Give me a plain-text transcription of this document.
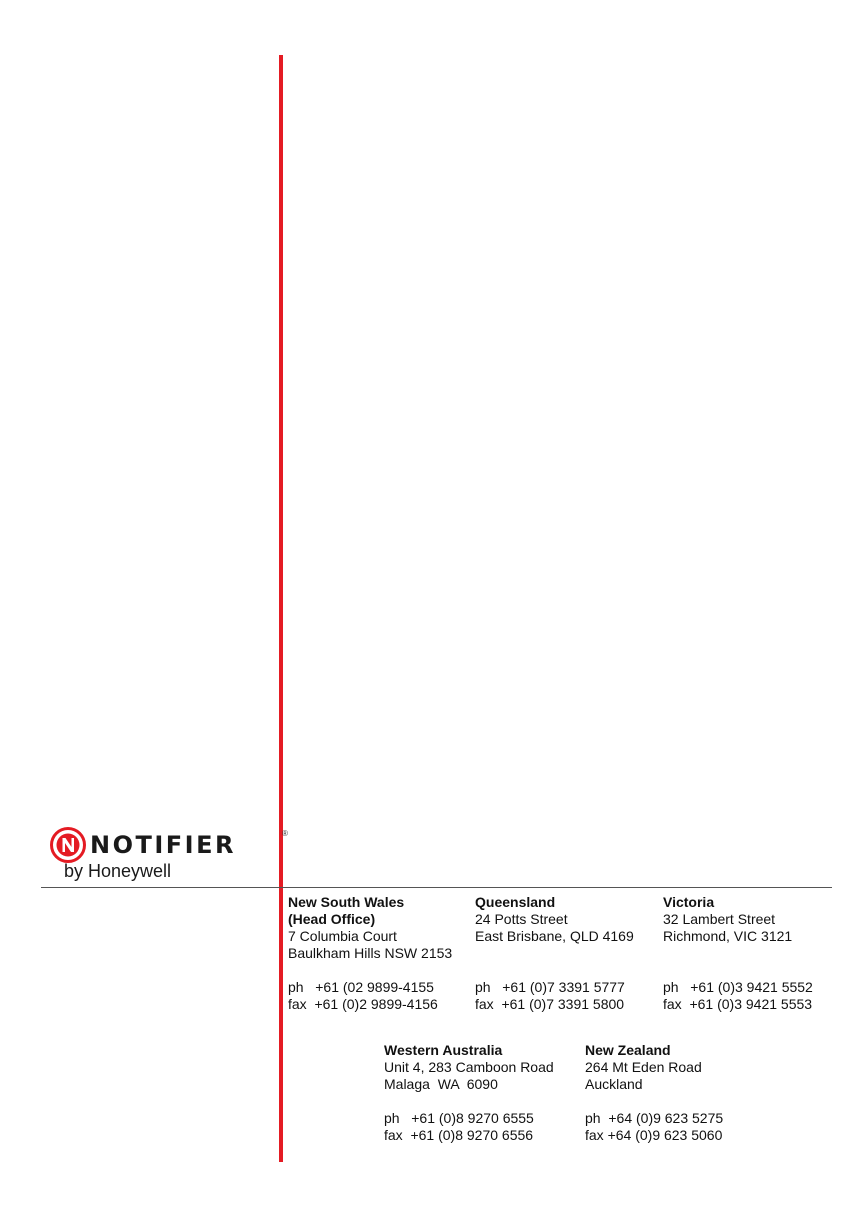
NOTIFIER	®
by Honeywell
New South Wales
(Head Office)
7 Columbia Court
Baulkham Hills NSW 2153
ph   +61 (02 9899-4155
fax  +61 (0)2 9899-4156
Queensland
24 Potts Street
East Brisbane, QLD 4169
ph   +61 (0)7 3391 5777
fax  +61 (0)7 3391 5800
Victoria
32 Lambert Street
Richmond, VIC 3121
ph   +61 (0)3 9421 5552
fax  +61 (0)3 9421 5553
Western Australia
Unit 4, 283 Camboon Road
Malaga  WA  6090
ph   +61 (0)8 9270 6555
fax  +61 (0)8 9270 6556
New Zealand
264 Mt Eden Road
Auckland
ph  +64 (0)9 623 5275
fax +64 (0)9 623 5060
